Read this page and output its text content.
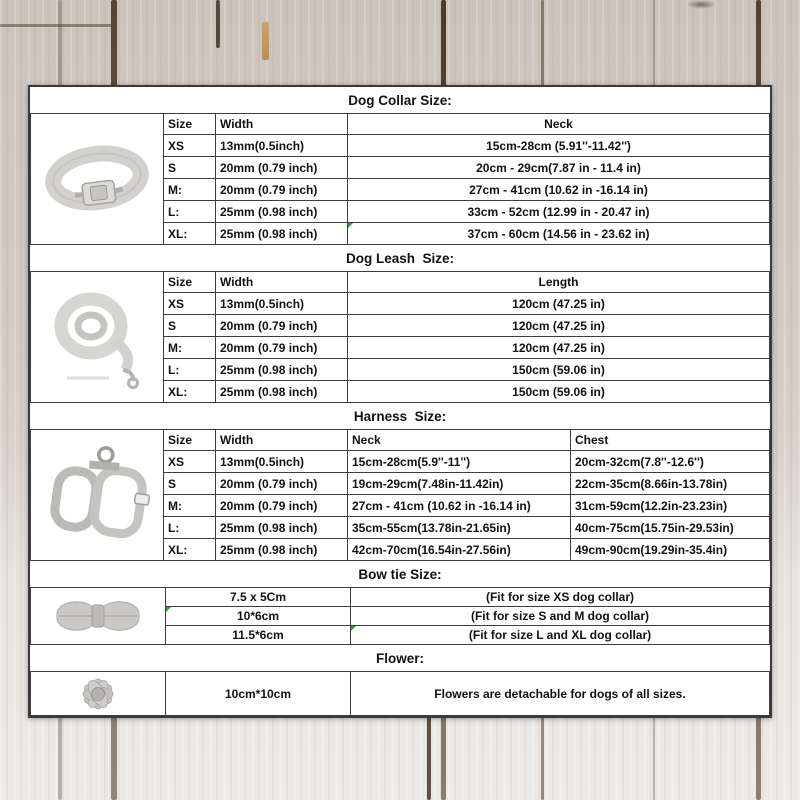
Dog Collar Size:
	Size	Width	Neck
	XS	13mm(0.5inch)	15cm-28cm (5.91''-11.42'')
	S	20mm (0.79 inch)	20cm - 29cm(7.87 in - 11.4 in)
	M:	20mm (0.79 inch)	27cm - 41cm (10.62 in -16.14 in)
	L:	25mm (0.98 inch)	33cm - 52cm (12.99 in - 20.47 in)
	XL:	25mm (0.98 inch)	37cm - 60cm (14.56 in - 23.62 in)
Dog Leash  Size:
	Size	Width	Length
	XS	13mm(0.5inch)	120cm (47.25 in)
	S	20mm (0.79 inch)	120cm (47.25 in)
	M:	20mm (0.79 inch)	120cm (47.25 in)
	L:	25mm (0.98 inch)	150cm (59.06 in)
	XL:	25mm (0.98 inch)	150cm (59.06 in)
Harness  Size:
	Size	Width	Neck	Chest
	XS	13mm(0.5inch)	15cm-28cm(5.9''-11'')	20cm-32cm(7.8''-12.6'')
	S	20mm (0.79 inch)	19cm-29cm(7.48in-11.42in)	22cm-35cm(8.66in-13.78in)
	M:	20mm (0.79 inch)	27cm - 41cm (10.62 in -16.14 in)	31cm-59cm(12.2in-23.23in)
	L:	25mm (0.98 inch)	35cm-55cm(13.78in-21.65in)	40cm-75cm(15.75in-29.53in)
	XL:	25mm (0.98 inch)	42cm-70cm(16.54in-27.56in)	49cm-90cm(19.29in-35.4in)
Bow tie Size:
	7.5 x 5Cm	(Fit for size XS dog collar)
	10*6cm	(Fit for size S and M dog collar)
	11.5*6cm	(Fit for size L and XL dog collar)
Flower:
	10cm*10cm	Flowers are detachable for dogs of all sizes.
